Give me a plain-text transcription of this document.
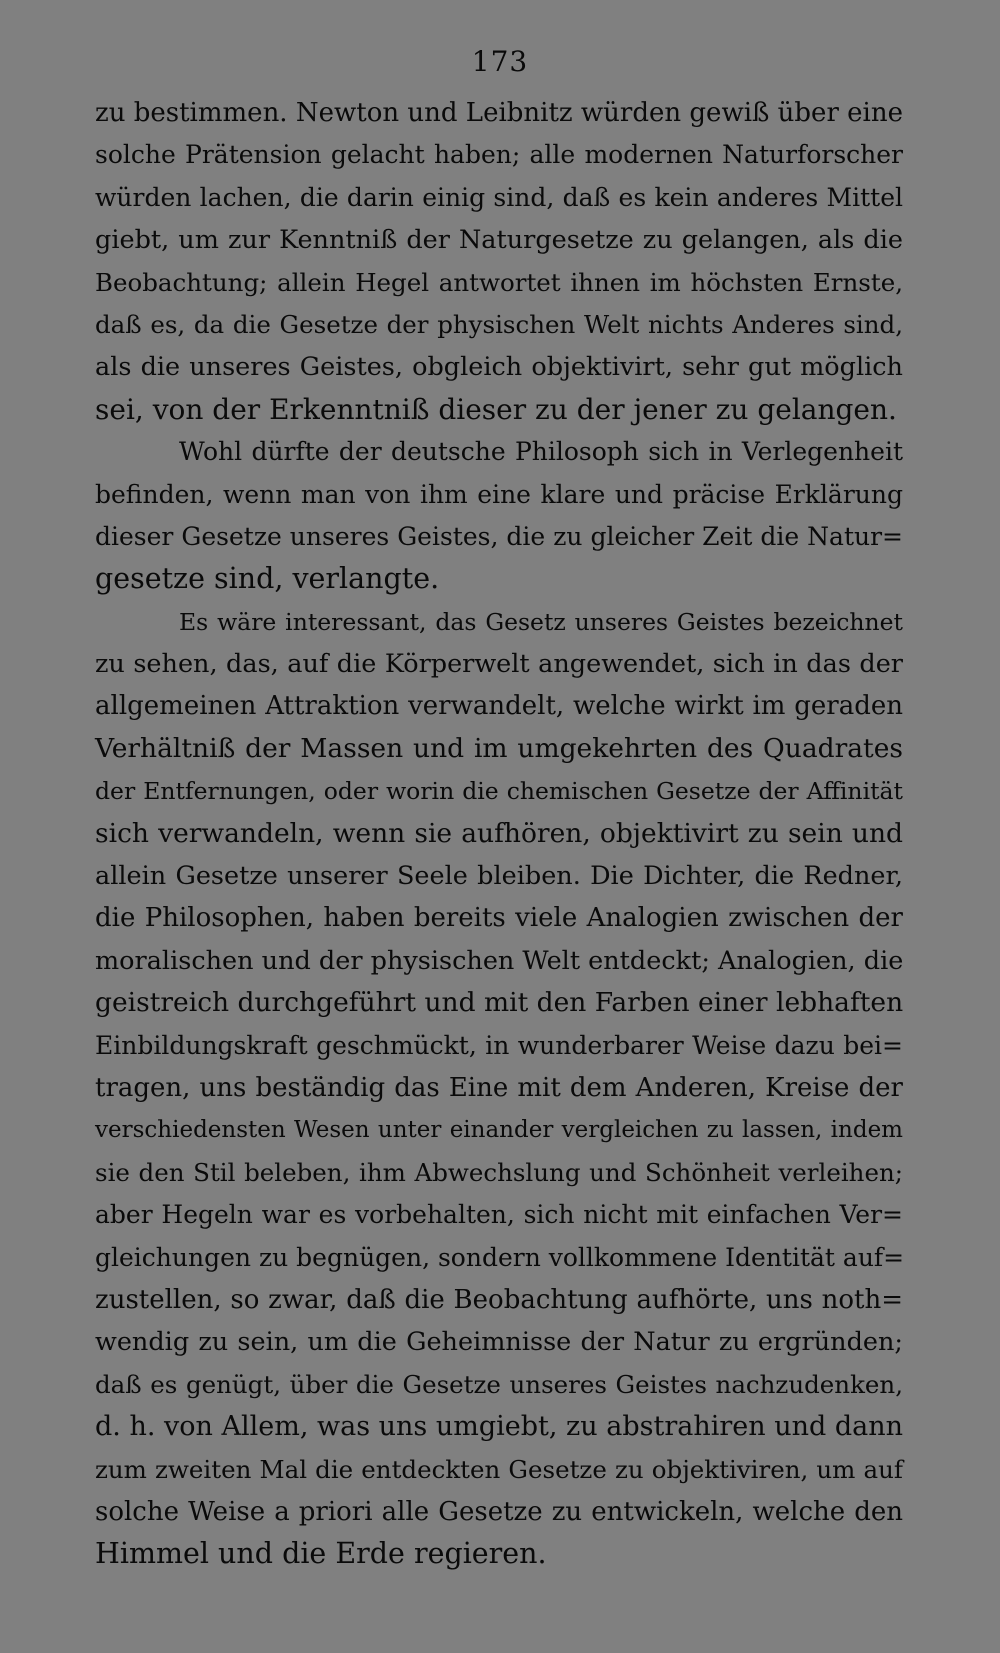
173
zu bestimmen. Newton und Leibnitz würden gewiß über eine
solche Prätension gelacht haben; alle modernen Naturforscher
würden lachen, die darin einig sind, daß es kein anderes Mittel
giebt, um zur Kenntniß der Naturgesetze zu gelangen, als die
Beobachtung; allein Hegel antwortet ihnen im höchsten Ernste,
daß es, da die Gesetze der physischen Welt nichts Anderes sind,
als die unseres Geistes, obgleich objektivirt, sehr gut möglich
sei, von der Erkenntniß dieser zu der jener zu gelangen.
Wohl dürfte der deutsche Philosoph sich in Verlegenheit
befinden, wenn man von ihm eine klare und präcise Erklärung
dieser Gesetze unseres Geistes, die zu gleicher Zeit die Natur=
gesetze sind, verlangte.
Es wäre interessant, das Gesetz unseres Geistes bezeichnet
zu sehen, das, auf die Körperwelt angewendet, sich in das der
allgemeinen Attraktion verwandelt, welche wirkt im geraden
Verhältniß der Massen und im umgekehrten des Quadrates
der Entfernungen, oder worin die chemischen Gesetze der Affinität
sich verwandeln, wenn sie aufhören, objektivirt zu sein und
allein Gesetze unserer Seele bleiben. Die Dichter, die Redner,
die Philosophen, haben bereits viele Analogien zwischen der
moralischen und der physischen Welt entdeckt; Analogien, die
geistreich durchgeführt und mit den Farben einer lebhaften
Einbildungskraft geschmückt, in wunderbarer Weise dazu bei=
tragen, uns beständig das Eine mit dem Anderen, Kreise der
verschiedensten Wesen unter einander vergleichen zu lassen, indem
sie den Stil beleben, ihm Abwechslung und Schönheit verleihen;
aber Hegeln war es vorbehalten, sich nicht mit einfachen Ver=
gleichungen zu begnügen, sondern vollkommene Identität auf=
zustellen, so zwar, daß die Beobachtung aufhörte, uns noth=
wendig zu sein, um die Geheimnisse der Natur zu ergründen;
daß es genügt, über die Gesetze unseres Geistes nachzudenken,
d. h. von Allem, was uns umgiebt, zu abstrahiren und dann
zum zweiten Mal die entdeckten Gesetze zu objektiviren, um auf
solche Weise a priori alle Gesetze zu entwickeln, welche den
Himmel und die Erde regieren.
